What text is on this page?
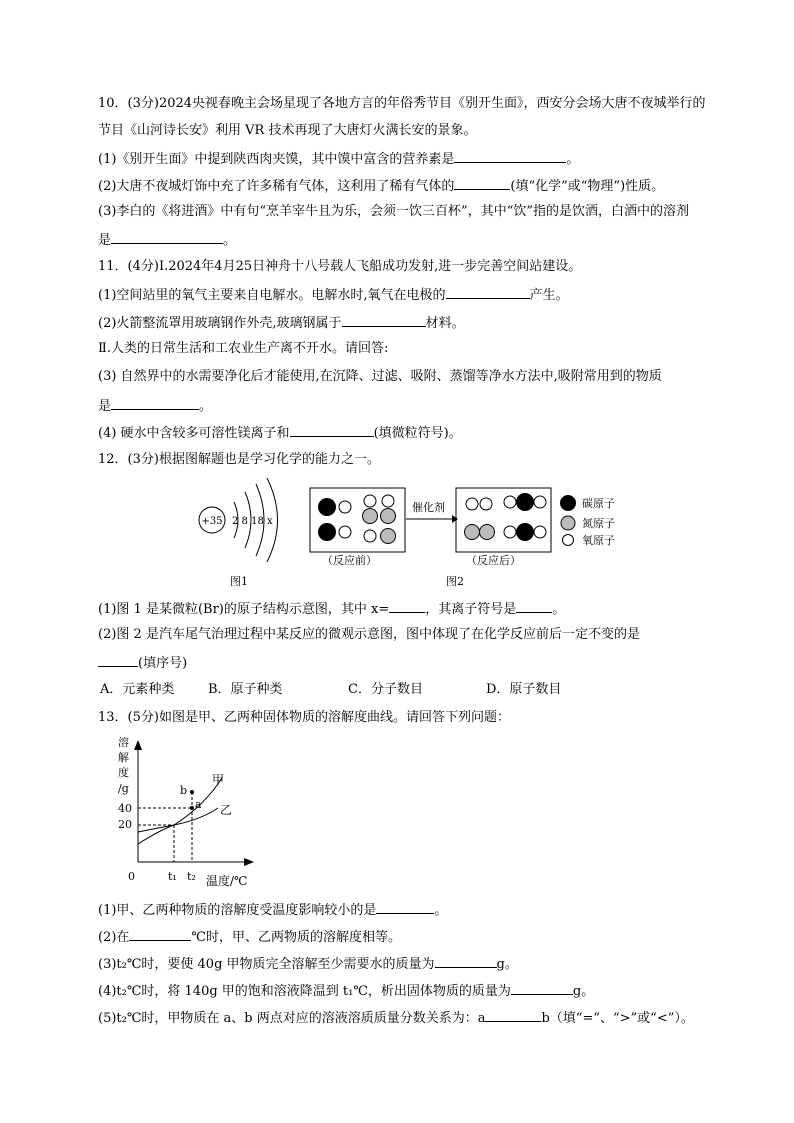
10．(3分)2024央视春晚主会场星现了各地方言的年俗秀节目《别开生面》，西安分会场大唐不夜城举行的
节目《山河诗长安》利用 VR 技术再现了大唐灯火满长安的景象。
(1)《别开生面》中提到陕西肉夹馍，其中馍中富含的营养素是	。
(2)大唐不夜城灯饰中充了许多稀有气体，这利用了稀有气体的	(填“化学”或“物理”)性质。
(3)李白的《将进酒》中有句“烹羊宰牛且为乐，会须一饮三百杯”，其中“饮”指的是饮酒，白酒中的溶剂
是	。
11．(4分)I.2024年4月25日神舟十八号载人飞船成功发射,进一步完善空间站建设。
(1)空间站里的氧气主要来自电解水。电解水时,氧气在电极的	产生。
(2)火箭整流罩用玻璃钢作外壳,玻璃钢属于	材料。
Ⅱ.人类的日常生活和工农业生产离不开水。请回答:
(3) 自然界中的水需要净化后才能使用,在沉降、过滤、吸附、蒸馏等净水方法中,吸附常用到的物质
是	。
(4) 硬水中含较多可溶性镁离子和	(填微粒符号)。
12．(3分)根据图解题也是学习化学的能力之一。
+35 2 8 18 x
图1
（反应前）
催化剂
（反应后）
图2
碳原子
氮原子
氧原子
(1)图 1 是某微粒(Br)的原子结构示意图，其中 x=	，其离子符号是	。
(2)图 2 是汽车尾气治理过程中某反应的微观示意图，图中体现了在化学反应前后一定不变的是
(填序号)
A．元素种类	B．原子种类	C．分子数目	D．原子数目
13．(5分)如图是甲、乙两种固体物质的溶解度曲线。请回答下列问题：
溶
解
度
/g
40
20
0	t₁ t₂ 温度/℃
b
a
甲
乙
(1)甲、乙两种物质的溶解度受温度影响较小的是	。
(2)在	℃时，甲、乙两物质的溶解度相等。
(3)t₂℃时，要使 40g 甲物质完全溶解至少需要水的质量为	g。
(4)t₂℃时，将 140g 甲的饱和溶液降温到 t₁℃，析出固体物质的质量为	g。
(5)t₂℃时，甲物质在 a、b 两点对应的溶液溶质质量分数关系为：a	b（填“=”、“>”或“<”）。
